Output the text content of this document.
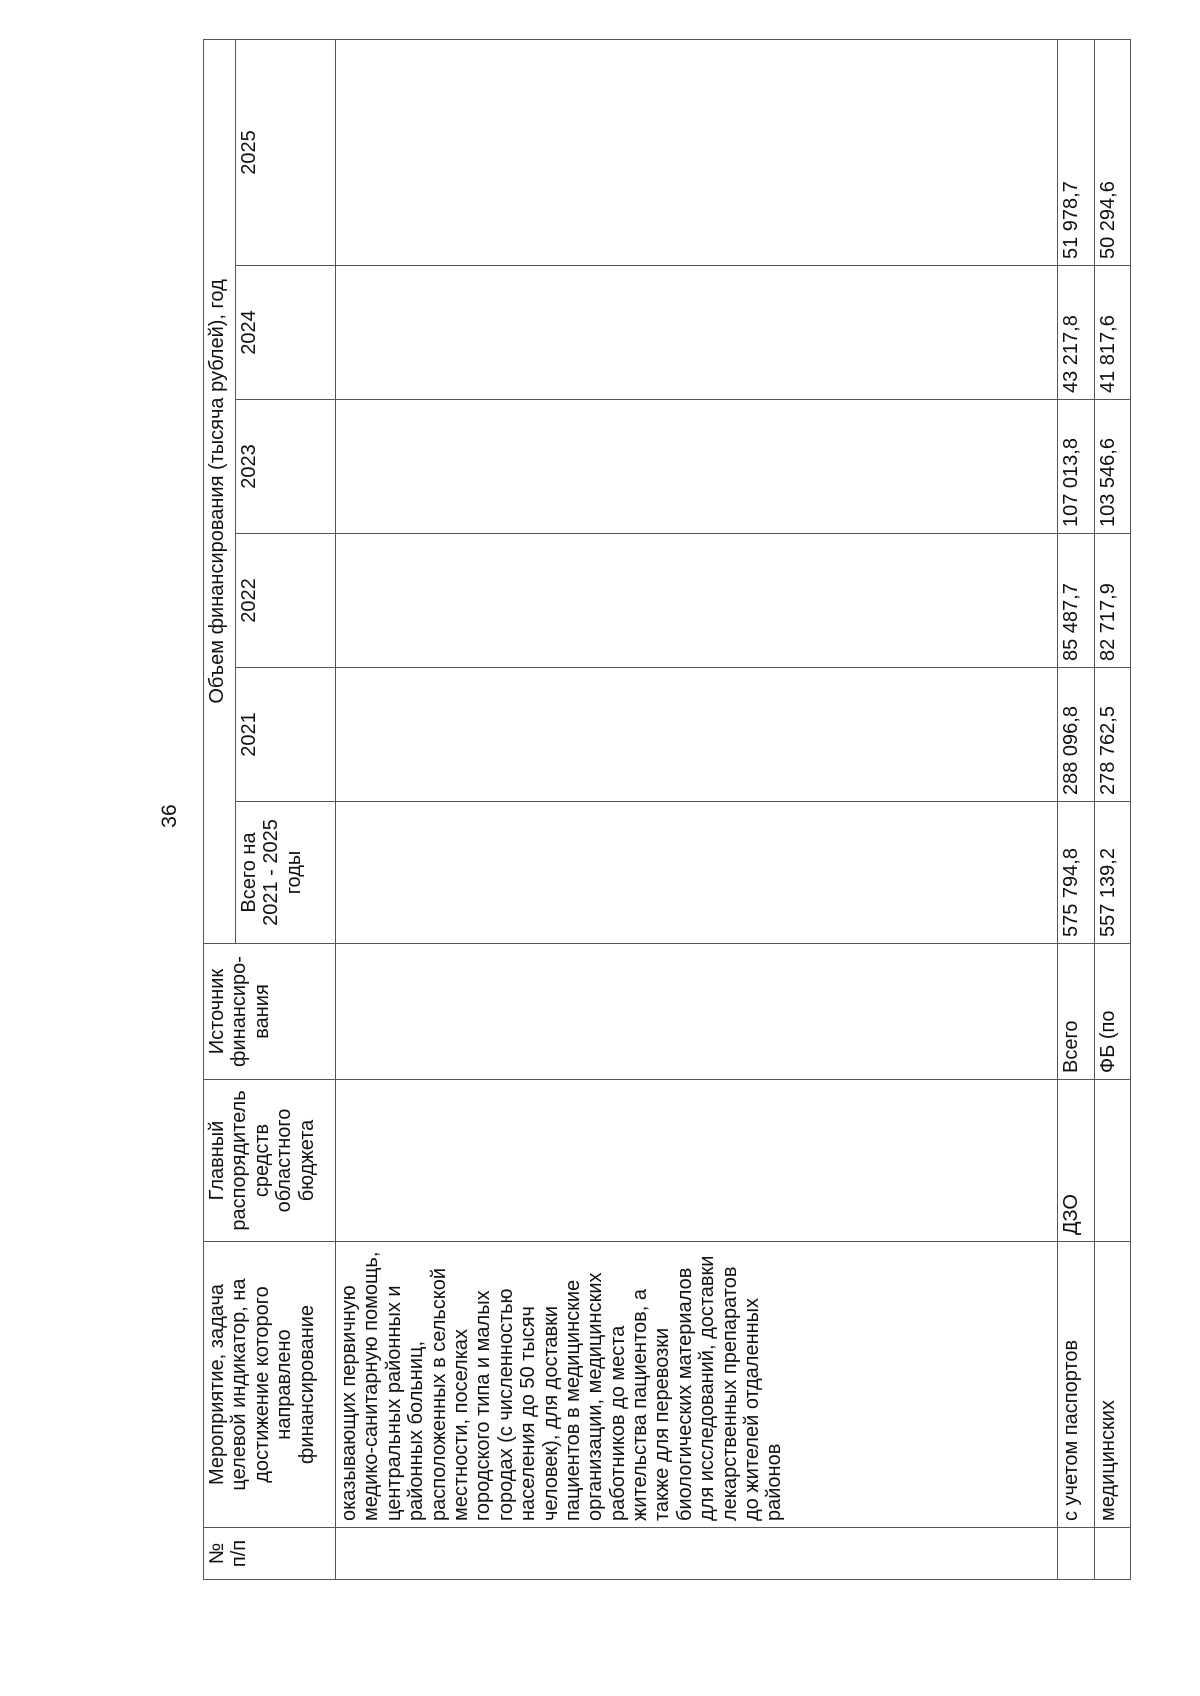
36
№
п/п	Мероприятие, задача целевой индикатор, на достижение которого направлено финансирование	Главный распорядитель средств областного бюджета	Источник финансиро-вания	Объем финансирования (тысяча рублей), год					
				Всего на 2021 - 2025 годы	2021	2022	2023	2024	2025
	оказывающих первичную медико-санитарную помощь, центральных районных и районных больниц,
расположенных в сельской местности, поселках городского типа и малых городах (с численностью населения до 50 тысяч человек), для доставки пациентов в медицинские организации, медицинских работников до места жительства пациентов, а также для перевозки биологических материалов для исследований, доставки лекарственных препаратов до жителей отдаленных районов								
	с учетом паспортов	ДЗО	Всего	575 794,8	288 096,8	85 487,7	107 013,8	43 217,8	51 978,7
	медицинских		ФБ (по	557 139,2	278 762,5	82 717,9	103 546,6	41 817,6	50 294,6
